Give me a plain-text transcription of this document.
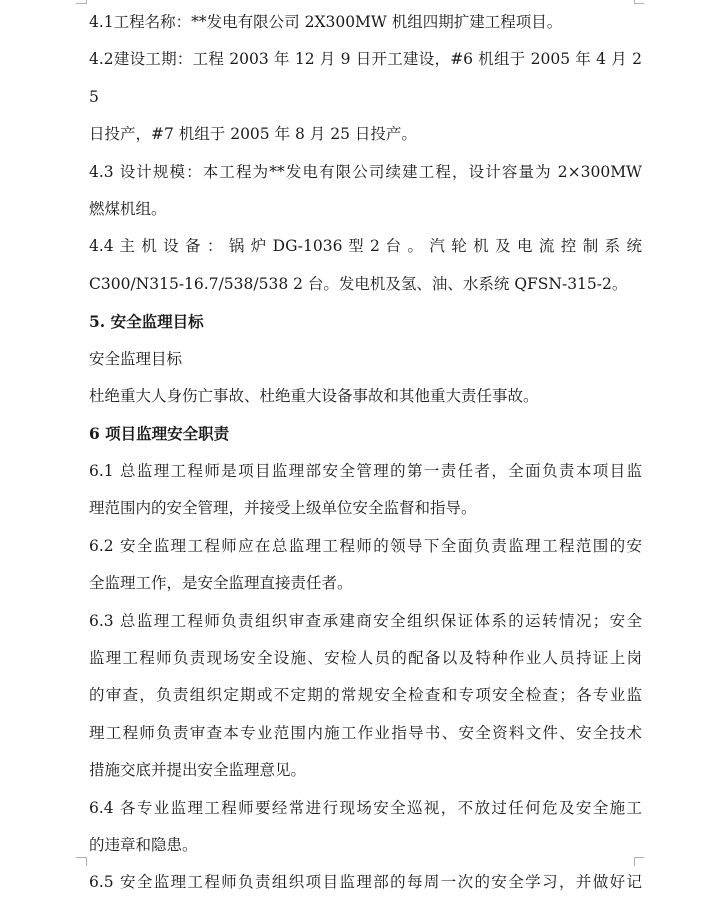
4.1工程名称：**发电有限公司 2X300MW 机组四期扩建工程项目。

4.2建设工期：工程 2003 年 12 月 9 日开工建设，#6 机组于 2005 年 4 月 25
日投产，#7 机组于 2005 年 8 月 25 日投产。

4.3 设计规模：本工程为**发电有限公司续建工程，设计容量为 2×300MW
燃煤机组。

4.4 主 机 设 备 ： 锅 炉 DG-1036 型 2 台 。 汽 轮 机 及 电 流 控 制 系 统
C300/N315-16.7/538/538 2 台。发电机及氢、油、水系统 QFSN-315-2。

5. 安全监理目标

安全监理目标

杜绝重大人身伤亡事故、杜绝重大设备事故和其他重大责任事故。

6 项目监理安全职责

6.1 总监理工程师是项目监理部安全管理的第一责任者，全面负责本项目监
理范围内的安全管理，并接受上级单位安全监督和指导。

6.2 安全监理工程师应在总监理工程师的领导下全面负责监理工程范围的安
全监理工作，是安全监理直接责任者。

6.3 总监理工程师负责组织审查承建商安全组织保证体系的运转情况；安全
监理工程师负责现场安全设施、安检人员的配备以及特种作业人员持证上岗
的审查，负责组织定期或不定期的常规安全检查和专项安全检查；各专业监
理工程师负责审查本专业范围内施工作业指导书、安全资料文件、安全技术
措施交底并提出安全监理意见。

6.4 各专业监理工程师要经常进行现场安全巡视，不放过任何危及安全施工
的违章和隐患。

6.5 安全监理工程师负责组织项目监理部的每周一次的安全学习，并做好记
